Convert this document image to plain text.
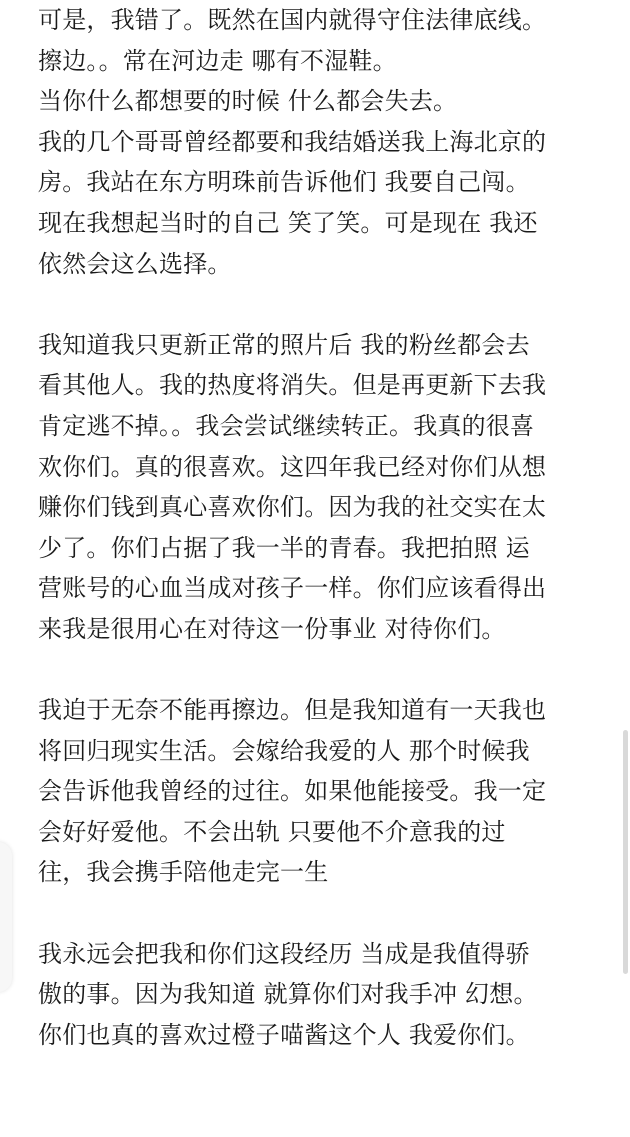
可是，我错了。既然在国内就得守住法律底线。
擦边。。常在河边走 哪有不湿鞋。
当你什么都想要的时候 什么都会失去。
我的几个哥哥曾经都要和我结婚送我上海北京的
房。我站在东方明珠前告诉他们 我要自己闯。
现在我想起当时的自己 笑了笑。可是现在 我还
依然会这么选择。
我知道我只更新正常的照片后 我的粉丝都会去
看其他人。我的热度将消失。但是再更新下去我
肯定逃不掉。。我会尝试继续转正。我真的很喜
欢你们。真的很喜欢。这四年我已经对你们从想
赚你们钱到真心喜欢你们。因为我的社交实在太
少了。你们占据了我一半的青春。我把拍照 运
营账号的心血当成对孩子一样。你们应该看得出
来我是很用心在对待这一份事业 对待你们。
我迫于无奈不能再擦边。但是我知道有一天我也
将回归现实生活。会嫁给我爱的人 那个时候我
会告诉他我曾经的过往。如果他能接受。我一定
会好好爱他。不会出轨 只要他不介意我的过
往，我会携手陪他走完一生
我永远会把我和你们这段经历 当成是我值得骄
傲的事。因为我知道 就算你们对我手冲 幻想。
你们也真的喜欢过橙子喵酱这个人 我爱你们。
